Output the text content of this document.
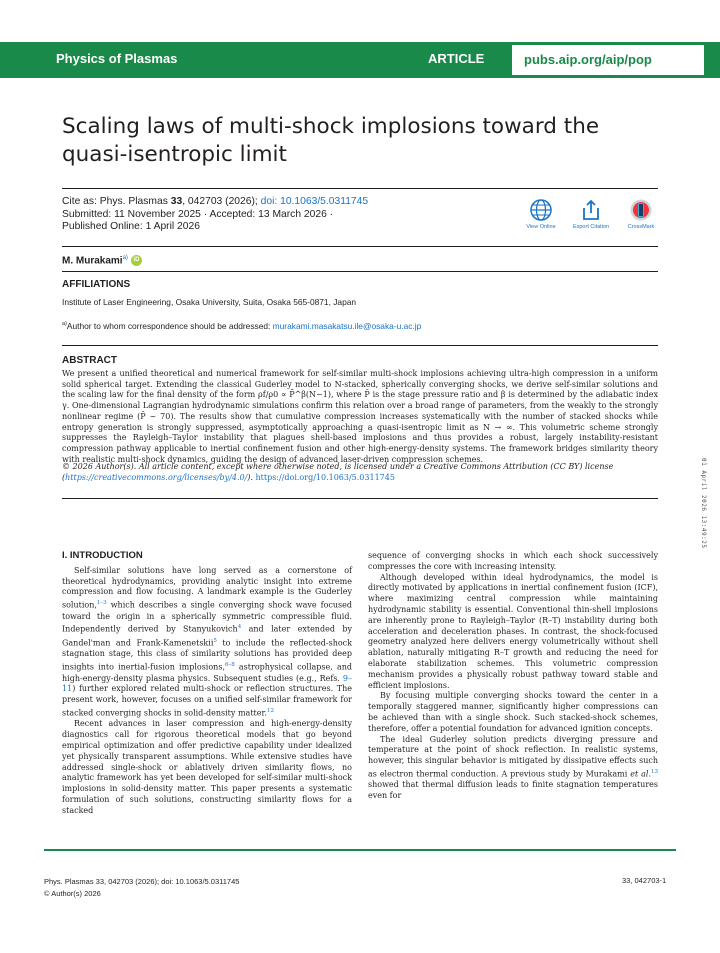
Physics of Plasmas	ARTICLE	pubs.aip.org/aip/pop
Scaling laws of multi-shock implosions toward the quasi-isentropic limit
Cite as: Phys. Plasmas 33, 042703 (2026); doi: 10.1063/5.0311745
Submitted: 11 November 2025 · Accepted: 13 March 2026 ·
Published Online: 1 April 2026	View Online	Export Citation	CrossMark
M. Murakami$^{a)}$ iD
AFFILIATIONS
Institute of Laser Engineering, Osaka University, Suita, Osaka 565-0871, Japan
$^{a)}$Author to whom correspondence should be addressed: murakami.masakatsu.ile@osaka-u.ac.jp
ABSTRACT
We present a unified theoretical and numerical framework for self-similar multi-shock implosions achieving ultra-high compression in a uniform solid spherical target. Extending the classical Guderley model to N-stacked, spherically converging shocks, we derive self-similar solutions and the scaling law for the final density of the form ρf/ρ0 ∝ P̄^β(N−1), where P̄ is the stage pressure ratio and β is determined by the adiabatic index γ. One-dimensional Lagrangian hydrodynamic simulations confirm this relation over a broad range of parameters, from the weakly to the strongly nonlinear regime (P̄ ∼ 70). The results show that cumulative compression increases systematically with the number of stacked shocks while entropy generation is strongly suppressed, asymptotically approaching a quasi-isentropic limit as N → ∞. This volumetric scheme strongly suppresses the Rayleigh–Taylor instability that plagues shell-based implosions and thus provides a robust, largely instability-resistant compression pathway applicable to inertial confinement fusion and other high-energy-density systems. The framework bridges similarity theory with realistic multi-shock dynamics, guiding the design of advanced laser-driven compression schemes.
© 2026 Author(s). All article content, except where otherwise noted, is licensed under a Creative Commons Attribution (CC BY) license (https://creativecommons.org/licenses/by/4.0/). https://doi.org/10.1063/5.0311745	01 April 2026 13:49:25
I. INTRODUCTION

Self-similar solutions have long served as a cornerstone of theoretical hydrodynamics, providing analytic insight into extreme compression and flow focusing. A landmark example is the Guderley solution,$^{1-3}$ which describes a single converging shock wave focused toward the origin in a spherically symmetric compressible fluid. Independently derived by Stanyukovich$^4$ and later extended by Gandel'man and Frank-Kamenetskii$^5$ to include the reflected-shock stagnation stage, this class of similarity solutions has provided deep insights into inertial-fusion implosions,$^{6-8}$ astrophysical collapse, and high-energy-density plasma physics. Subsequent studies (e.g., Refs. 9–11) further explored related multi-shock or reflection structures. The present work, however, focuses on a unified self-similar framework for stacked converging shocks in solid-density matter.$^{12}$

Recent advances in laser compression and high-energy-density diagnostics call for rigorous theoretical models that go beyond empirical optimization and offer predictive capability under idealized yet physically transparent assumptions. While extensive studies have addressed single-shock or ablatively driven similarity flows, no analytic framework has yet been developed for self-similar multi-shock implosions in solid-density matter. This paper presents a systematic formulation of such solutions, constructing similarity flows for a stacked

sequence of converging shocks in which each shock successively compresses the core with increasing intensity.

Although developed within ideal hydrodynamics, the model is directly motivated by applications in inertial confinement fusion (ICF), where maximizing central compression while maintaining hydrodynamic stability is essential. Conventional thin-shell implosions are inherently prone to Rayleigh–Taylor (R–T) instability during both acceleration and deceleration phases. In contrast, the shock-focused geometry analyzed here delivers energy volumetrically without shell ablation, naturally mitigating R–T growth and reducing the need for elaborate stabilization schemes. This volumetric compression mechanism provides a physically robust pathway toward stable and efficient implosions.

By focusing multiple converging shocks toward the center in a temporally staggered manner, significantly higher compressions can be achieved than with a single shock. Such stacked-shock schemes, therefore, offer a potential foundation for advanced ignition concepts.

The ideal Guderley solution predicts diverging pressure and temperature at the point of shock reflection. In realistic systems, however, this singular behavior is mitigated by dissipative effects such as electron thermal conduction. A previous study by Murakami et al.$^{13}$ showed that thermal diffusion leads to finite stagnation temperatures even for

Phys. Plasmas 33, 042703 (2026); doi: 10.1063/5.0311745
© Author(s) 2026
33, 042703-1
